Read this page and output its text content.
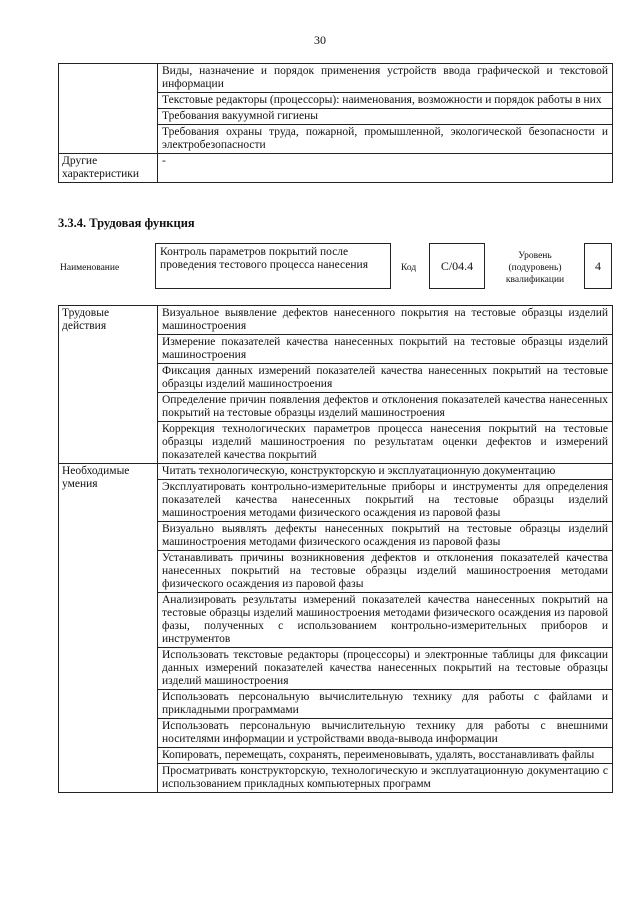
30
	Виды, назначение и порядок применения устройств ввода графической и текстовой информации
	Текстовые редакторы (процессоры): наименования, возможности и порядок работы в них
	Требования вакуумной гигиены
	Требования охраны труда, пожарной, промышленной, экологической безопасности и электробезопасности
Другие характеристики	-
3.3.4. Трудовая функция
Наименование
Контроль параметров покрытий после проведения тестового процесса нанесения	Код	C/04.4
Уровень (подуровень) квалификации
4
Трудовые действия	Визуальное выявление дефектов нанесенного покрытия на тестовые образцы изделий машиностроения
	Измерение показателей качества нанесенных покрытий на тестовые образцы изделий машиностроения
	Фиксация данных измерений показателей качества нанесенных покрытий на тестовые образцы изделий машиностроения
	Определение причин появления дефектов и отклонения показателей качества нанесенных покрытий на тестовые образцы изделий машиностроения
	Коррекция технологических параметров процесса нанесения покрытий на тестовые образцы изделий машиностроения по результатам оценки дефектов и измерений показателей качества покрытий
Необходимые умения	Читать технологическую, конструкторскую и эксплуатационную документацию
	Эксплуатировать контрольно-измерительные приборы и инструменты для определения показателей качества нанесенных покрытий на тестовые образцы изделий машиностроения методами физического осаждения из паровой фазы
	Визуально выявлять дефекты нанесенных покрытий на тестовые образцы изделий машиностроения методами физического осаждения из паровой фазы
	Устанавливать причины возникновения дефектов и отклонения показателей качества нанесенных покрытий на тестовые образцы изделий машиностроения методами физического осаждения из паровой фазы
	Анализировать результаты измерений показателей качества нанесенных покрытий на тестовые образцы изделий машиностроения методами физического осаждения из паровой фазы, полученных с использованием контрольно-измерительных приборов и инструментов
	Использовать текстовые редакторы (процессоры) и электронные таблицы для фиксации данных измерений показателей качества нанесенных покрытий на тестовые образцы изделий машиностроения
	Использовать персональную вычислительную технику для работы с файлами и прикладными программами
	Использовать персональную вычислительную технику для работы с внешними носителями информации и устройствами ввода-вывода информации
	Копировать, перемещать, сохранять, переименовывать, удалять, восстанавливать файлы
	Просматривать конструкторскую, технологическую и эксплуатационную документацию с использованием прикладных компьютерных программ
